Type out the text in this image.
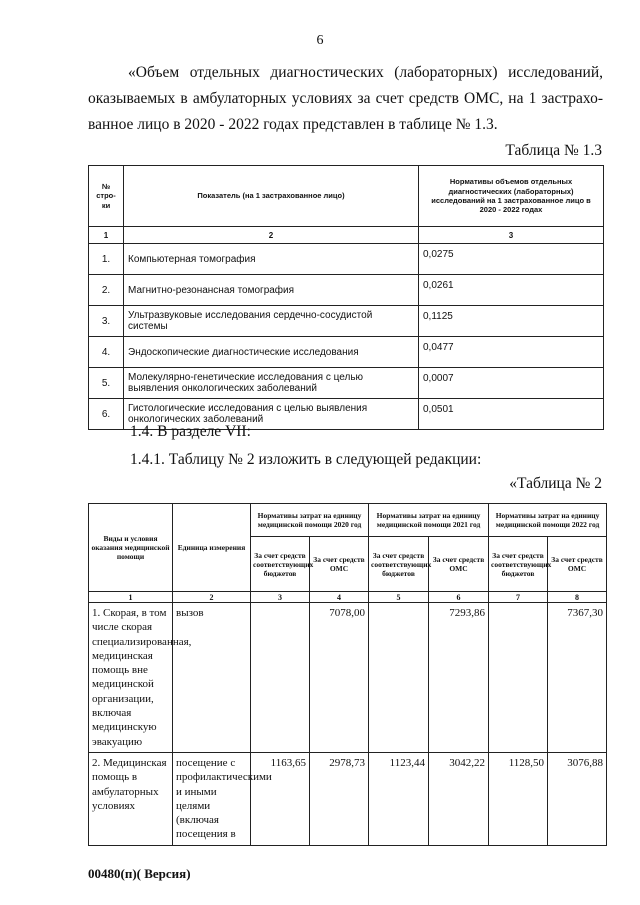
6
«Объем отдельных диагностических (лабораторных) исследований,
оказываемых в амбулаторных условиях за счет средств ОМС, на 1 застрахо-
ванное лицо в 2020 - 2022 годах представлен в таблице № 1.3.
Таблица № 1.3
№ стро-ки	Показатель (на 1 застрахованное лицо)	Нормативы объемов отдельных диагностических (лабораторных) исследований на 1 застрахованное лицо в 2020 - 2022 годах
1	2	3
1.	Компьютерная томография	0,0275
2.	Магнитно-резонансная томография	0,0261
3.	Ультразвуковые исследования сердечно-сосудистой системы	0,1125
4.	Эндоскопические диагностические исследования	0,0477
5.	Молекулярно-генетические исследования с целью выявления онкологических заболеваний	0,0007
6.	Гистологические исследования с целью выявления онкологических заболеваний	0,0501
1.4. В разделе VII:
1.4.1. Таблицу № 2 изложить в следующей редакции:
«Таблица № 2
Виды и условия оказания медицинской помощи	Единица измерения	Нормативы затрат на единицу медицинской помощи 2020 год		Нормативы затрат на единицу медицинской помощи 2021 год		Нормативы затрат на единицу медицинской помощи 2022 год	
		За счет средств соответствующих бюджетов	За счет средств ОМС	За счет средств соответствующих бюджетов	За счет средств ОМС	За счет средств соответствующих бюджетов	За счет средств ОМС
1	2	3	4	5	6	7	8
1. Скорая, в том числе скорая специализированная, медицинская помощь вне медицинской организации, включая медицинскую эвакуацию	вызов		7078,00		7293,86		7367,30
2. Медицинская помощь в амбулаторных условиях	посещение с профилактическими и иными целями (включая посещения в	1163,65	2978,73	1123,44	3042,22	1128,50	3076,88
00480(п)( Версия)
